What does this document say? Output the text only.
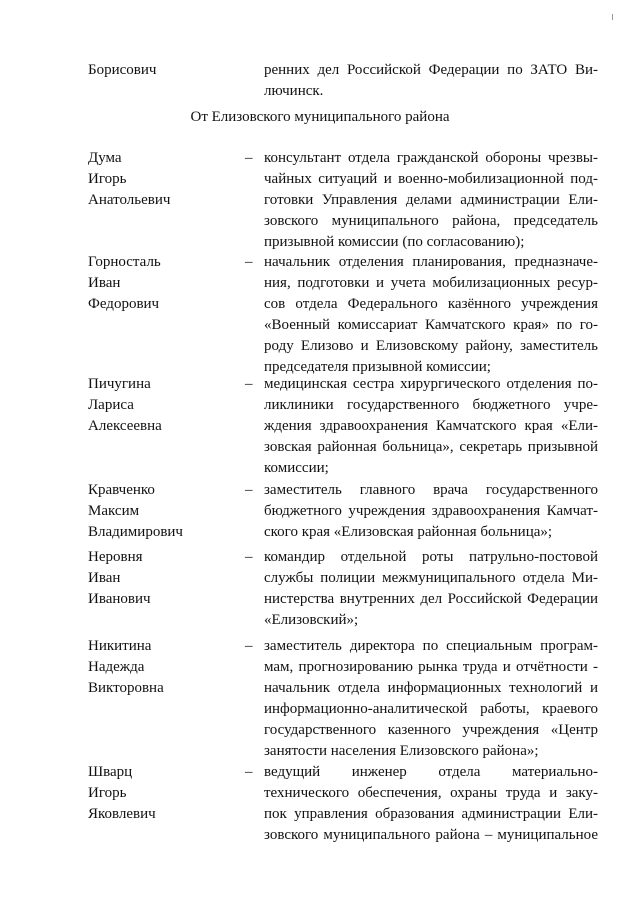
Борисович	ренних дел Российской Федерации по ЗАТО Ви-
лючинск.
От Елизовского муниципального района
Дума
Игорь
Анатольевич
– консультант отдела гражданской обороны чрезвы-
чайных ситуаций и военно-мобилизационной под-
готовки Управления делами администрации Ели-
зовского муниципального района, председатель
призывной комиссии (по согласованию);
Горносталь
Иван
Федорович
– начальник отделения планирования, предназначе-
ния, подготовки и учета мобилизационных ресур-
сов отдела Федерального казённого учреждения
«Военный комиссариат Камчатского края» по го-
роду Елизово и Елизовскому району, заместитель
председателя призывной комиссии;
Пичугина
Лариса
Алексеевна
– медицинская сестра хирургического отделения по-
ликлиники государственного бюджетного учре-
ждения здравоохранения Камчатского края «Ели-
зовская районная больница», секретарь призывной
комиссии;
Кравченко
Максим
Владимирович
– заместитель главного врача государственного
бюджетного учреждения здравоохранения Камчат-
ского края «Елизовская районная больница»;
Неровня
Иван
Иванович
– командир отдельной роты патрульно-постовой
службы полиции межмуниципального отдела Ми-
нистерства внутренних дел Российской Федерации
«Елизовский»;
Никитина
Надежда
Викторовна
– заместитель директора по специальным програм-
мам, прогнозированию рынка труда и отчётности -
начальник отдела информационных технологий и
информационно-аналитической работы, краевого
государственного казенного учреждения «Центр
занятости населения Елизовского района»;
Шварц
Игорь
Яковлевич
– ведущий инженер отдела материально-
технического обеспечения, охраны труда и заку-
пок управления образования администрации Ели-
зовского муниципального района – муниципальное
